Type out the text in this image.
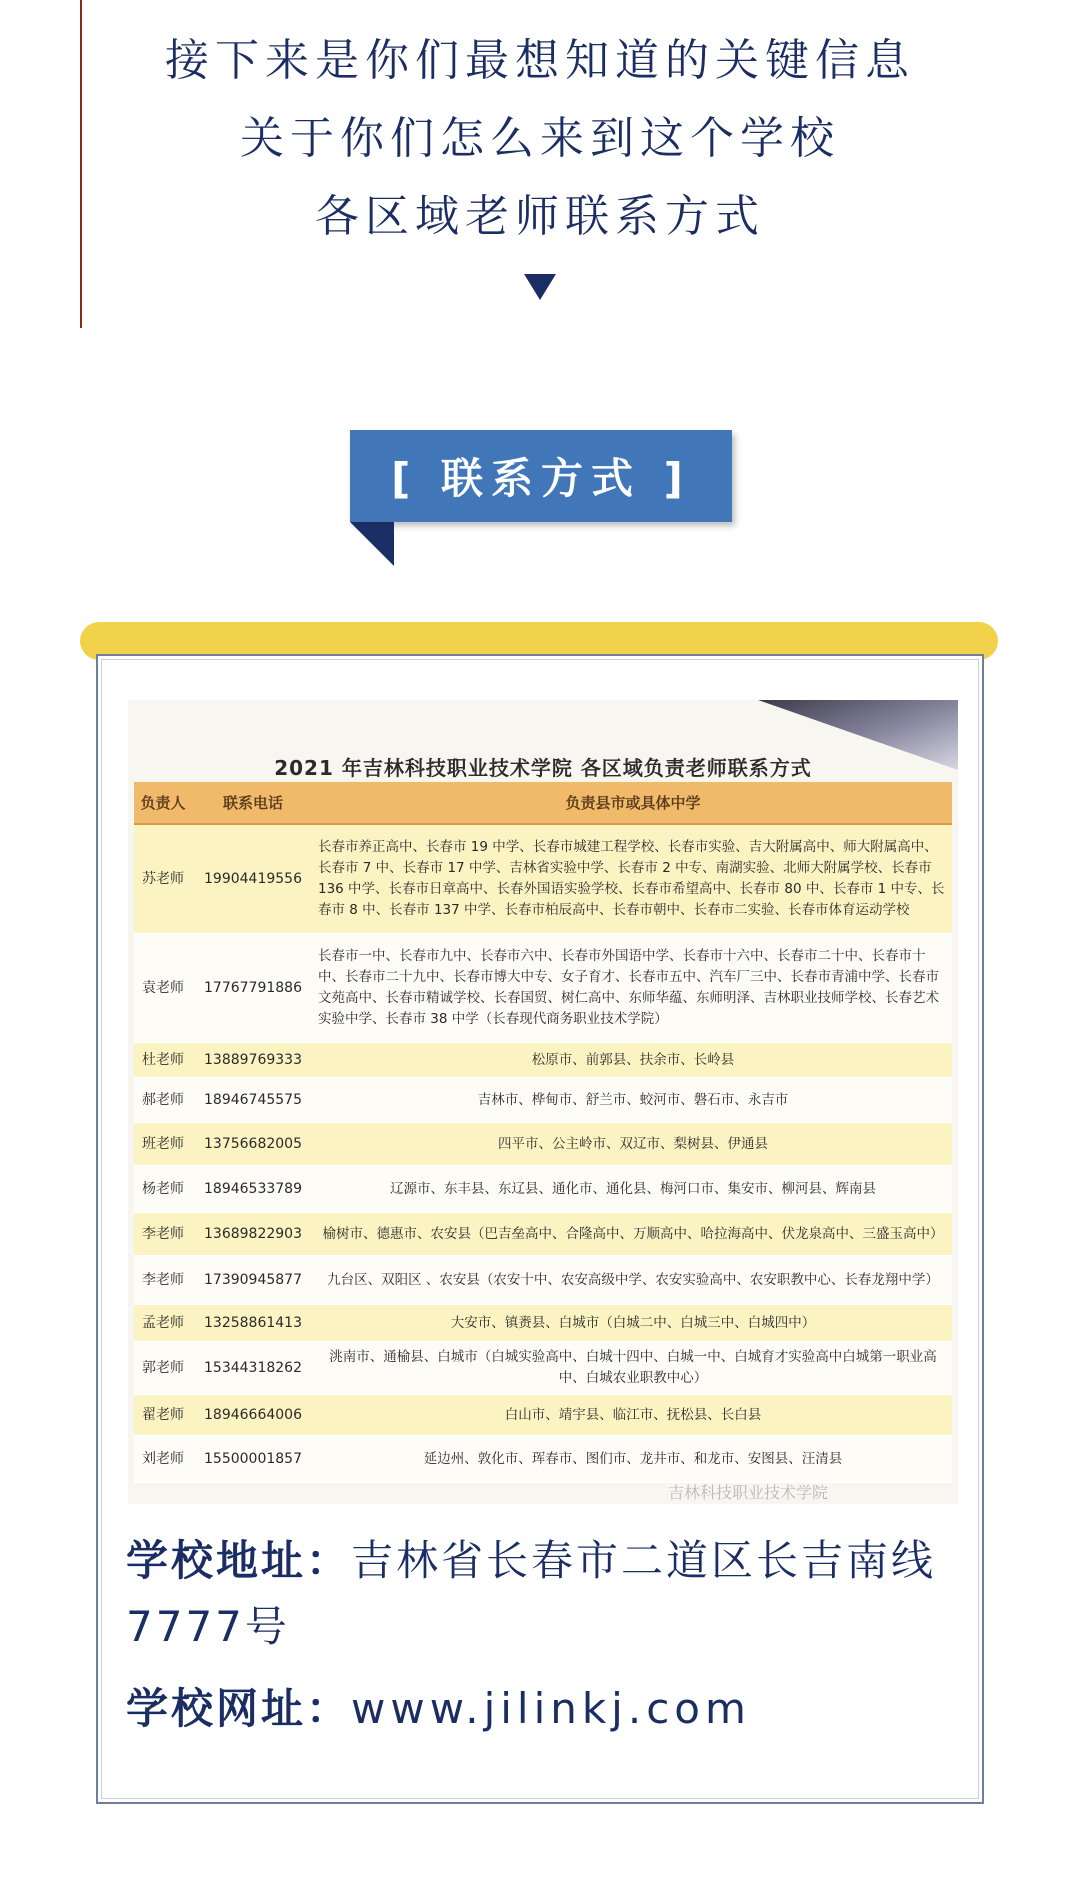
接下来是你们最想知道的关键信息
关于你们怎么来到这个学校
各区域老师联系方式
[ 联系方式 ]
2021 年吉林科技职业技术学院 各区域负责老师联系方式
负责人	联系电话	负责县市或具体中学
苏老师	19904419556	长春市养正高中、长春市 19 中学、长春市城建工程学校、长春市实验、吉大附属高中、师大附属高中、长春市 7 中、长春市 17 中学、吉林省实验中学、长春市 2 中专、南湖实验、北师大附属学校、长春市 136 中学、长春市日章高中、长春外国语实验学校、长春市希望高中、长春市 80 中、长春市 1 中专、长春市 8 中、长春市 137 中学、长春市柏辰高中、长春市朝中、长春市二实验、长春市体育运动学校
袁老师	17767791886	长春市一中、长春市九中、长春市六中、长春市外国语中学、长春市十六中、长春市二十中、长春市十中、长春市二十九中、长春市博大中专、女子育才、长春市五中、汽车厂三中、长春市青浦中学、长春市文苑高中、长春市精诚学校、长春国贸、树仁高中、东师华蕴、东师明泽、吉林职业技师学校、长春艺术实验中学、长春市 38 中学（长春现代商务职业技术学院）
杜老师	13889769333	松原市、前郭县、扶余市、长岭县
郝老师	18946745575	吉林市、桦甸市、舒兰市、蛟河市、磐石市、永吉市
班老师	13756682005	四平市、公主岭市、双辽市、梨树县、伊通县
杨老师	18946533789	辽源市、东丰县、东辽县、通化市、通化县、梅河口市、集安市、柳河县、辉南县
李老师	13689822903	榆树市、德惠市、农安县（巴吉垒高中、合隆高中、万顺高中、哈拉海高中、伏龙泉高中、三盛玉高中）
李老师	17390945877	九台区、双阳区 、农安县（农安十中、农安高级中学、农安实验高中、农安职教中心、长春龙翔中学）
孟老师	13258861413	大安市、镇赉县、白城市（白城二中、白城三中、白城四中）
郭老师	15344318262	洮南市、通榆县、白城市（白城实验高中、白城十四中、白城一中、白城育才实验高中白城第一职业高中、白城农业职教中心）
翟老师	18946664006	白山市、靖宇县、临江市、抚松县、长白县
刘老师	15500001857	延边州、敦化市、珲春市、图们市、龙井市、和龙市、安图县、汪清县
吉林科技职业技术学院
学校地址：吉林省长春市二道区长吉南线7777号
学校网址：www.jilinkj.com
